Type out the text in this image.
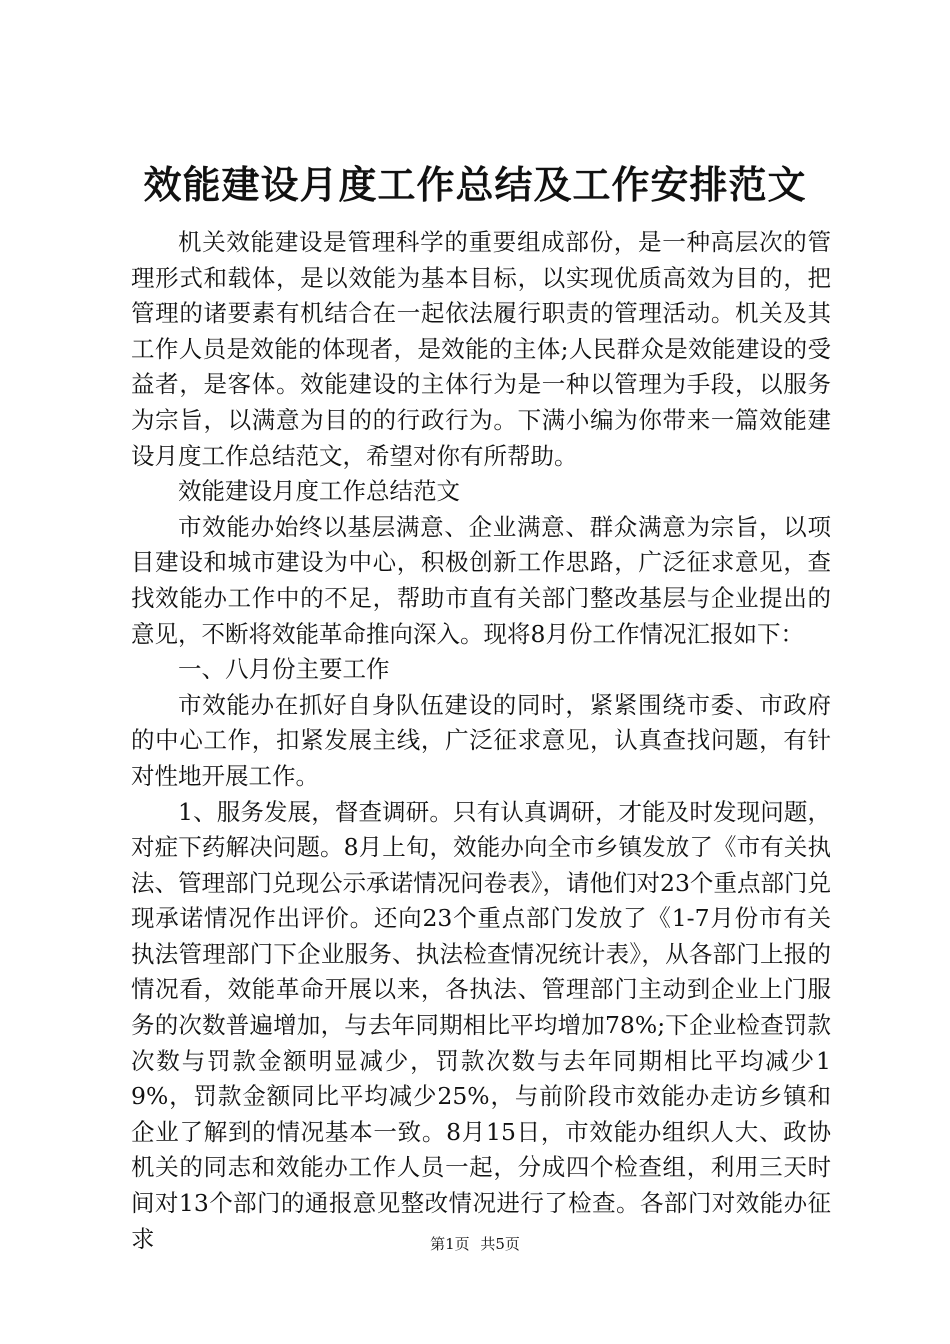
效能建设月度工作总结及工作安排范文

机关效能建设是管理科学的重要组成部份，是一种高层次的管理形式和载体，是以效能为基本目标，以实现优质高效为目的，把管理的诸要素有机结合在一起依法履行职责的管理活动。机关及其工作人员是效能的体现者，是效能的主体;人民群众是效能建设的受益者，是客体。效能建设的主体行为是一种以管理为手段，以服务为宗旨，以满意为目的的行政行为。下满小编为你带来一篇效能建设月度工作总结范文，希望对你有所帮助。

效能建设月度工作总结范文

市效能办始终以基层满意、企业满意、群众满意为宗旨，以项目建设和城市建设为中心，积极创新工作思路，广泛征求意见，查找效能办工作中的不足，帮助市直有关部门整改基层与企业提出的意见，不断将效能革命推向深入。现将8月份工作情况汇报如下：

一、八月份主要工作

市效能办在抓好自身队伍建设的同时，紧紧围绕市委、市政府的中心工作，扣紧发展主线，广泛征求意见，认真查找问题，有针对性地开展工作。

1、服务发展，督查调研。只有认真调研，才能及时发现问题，对症下药解决问题。8月上旬，效能办向全市乡镇发放了《市有关执法、管理部门兑现公示承诺情况问卷表》，请他们对23个重点部门兑现承诺情况作出评价。还向23个重点部门发放了《1-7月份市有关执法管理部门下企业服务、执法检查情况统计表》，从各部门上报的情况看，效能革命开展以来，各执法、管理部门主动到企业上门服务的次数普遍增加，与去年同期相比平均增加78%;下企业检查罚款次数与罚款金额明显减少，罚款次数与去年同期相比平均减少19%，罚款金额同比平均减少25%，与前阶段市效能办走访乡镇和企业了解到的情况基本一致。8月15日，市效能办组织人大、政协机关的同志和效能办工作人员一起，分成四个检查组，利用三天时间对13个部门的通报意见整改情况进行了检查。各部门对效能办征求	第1页 共5页
